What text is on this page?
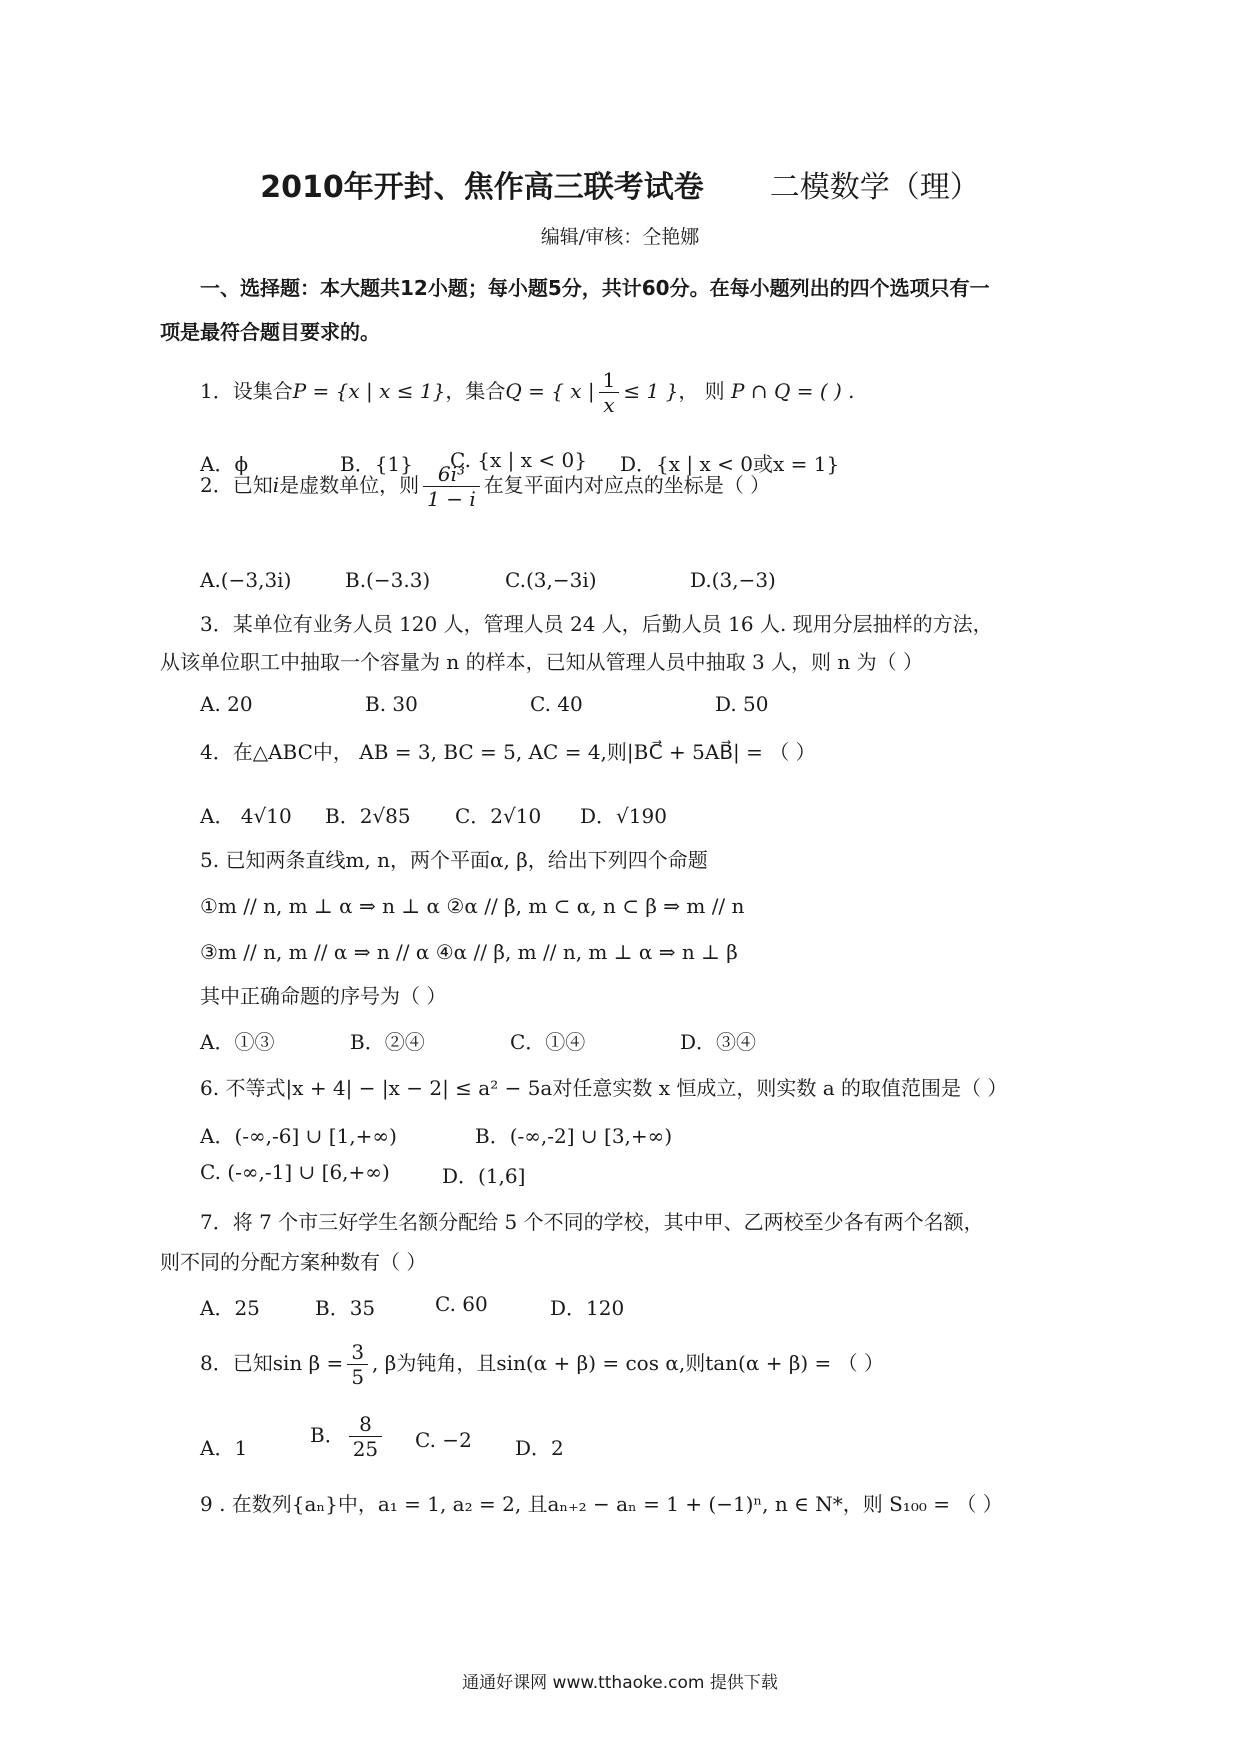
2010年开封、焦作高三联考试卷 二模数学（理）
编辑/审核：仝艳娜
一、选择题：本大题共12小题；每小题5分，共计60分。在每小题列出的四个选项只有一
项是最符合题目要求的。
1．设集合P = {x | x ≤ 1}，集合Q = { x | $\frac{1}{x} \le 1$ }， 则 P ∩ Q = ( ) .
A．ϕ	B．{1} C. {x | x < 0} D．{x | x < 0或x = 1}
2．已知i是虚数单位，则 $\frac{\text{6i³}}{1 - i}$ 在复平面内对应点的坐标是（ ）
A.(−3,3i)	B.(−3.3)	C.(3,−3i)	D.(3,−3)
3．某单位有业务人员 120 人，管理人员 24 人，后勤人员 16 人. 现用分层抽样的方法，
从该单位职工中抽取一个容量为 n 的样本，已知从管理人员中抽取 3 人，则 n 为（ ）
A. 20	B. 30	C. 40	D. 50
4．在△ABC中， AB = 3, BC = 5, AC = 4,则|BC⃗ + 5AB⃗| = （ ）
A． 4√10 B．2√85 C．2√10 D．√190
5. 已知两条直线m, n，两个平面α, β，给出下列四个命题
①m // n, m ⊥ α ⇒ n ⊥ α ②α // β, m ⊂ α, n ⊂ β ⇒ m // n
③m // n, m // α ⇒ n // α ④α // β, m // n, m ⊥ α ⇒ n ⊥ β
其中正确命题的序号为（ ）
A．①③	B．②④	C．①④	D．③④
6. 不等式|x + 4| − |x − 2| ≤ a² − 5a对任意实数 x 恒成立，则实数 a 的取值范围是（ ）
A．(-∞,-6] ∪ [1,+∞)	B．(-∞,-2] ∪ [3,+∞)
C. (-∞,-1] ∪ [6,+∞)	D．(1,6]
7．将 7 个市三好学生名额分配给 5 个不同的学校，其中甲、乙两校至少各有两个名额，
则不同的分配方案种数有（ ）
A．25	B．35	C. 60	D．120
8．已知$\sin \beta = \frac{3}{5}$ , β为钝角，且sin(α + β) = cos α,则tan(α + β) = （ ）
A．1
B． $\frac{8}{25} C$. −2 D．2
9 . 在数列{aₙ}中，a₁ = 1, a₂ = 2, 且aₙ₊₂ − aₙ = 1 + (−1)ⁿ, n ∈ N*，则 S₁₀₀ = （ ）
通通好课网 www.tthaoke.com 提供下载
